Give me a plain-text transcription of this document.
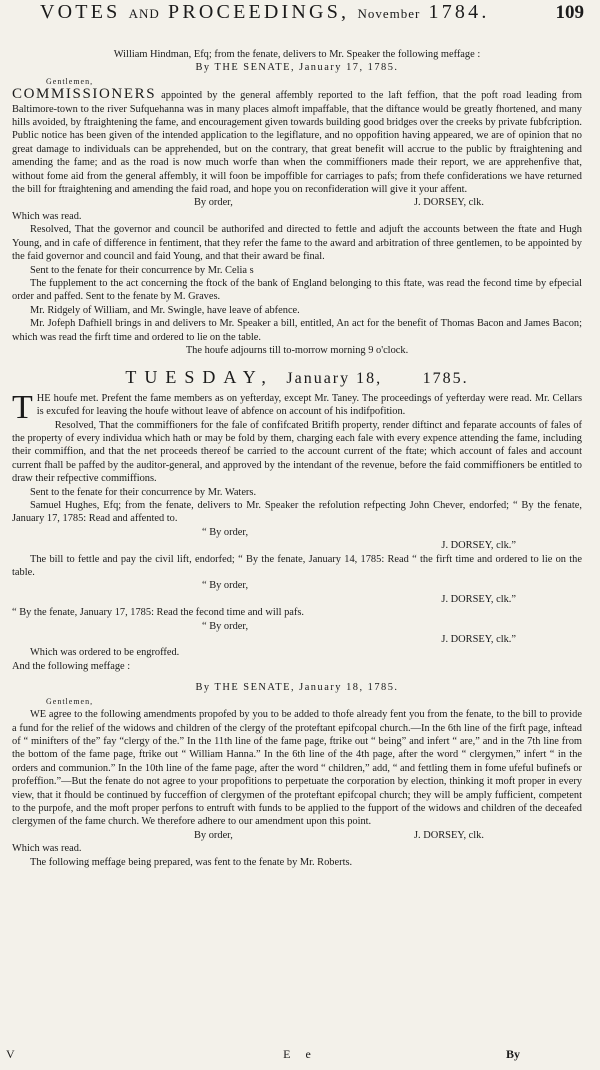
VOTES AND PROCEEDINGS, November 1784.	109

William Hindman, Efq; from the fenate, delivers to Mr. Speaker the following meffage :

By THE SENATE, January 17, 1785.

Gentlemen,

COMMISSIONERS appointed by the general affembly reported to the laft feffion, that the poft road leading from Baltimore-town to the river Sufquehanna was in many places almoft impaffable, that the diftance would be greatly fhortened, and many hills avoided, by ftraightening the fame, and encouragement given towards building good bridges over the creeks by private fubfcription. Public notice has been given of the intended application to the legiflature, and no oppofition having appeared, we are of opinion that no great damage to individuals can be apprehended, but on the contrary, that great benefit will accrue to the public by ftraightening and amending the fame; and as the road is now much worfe than when the commiffioners made their report, we are apprehenfive that, without fome aid from the general affembly, it will foon be impoffible for carriages to pafs; from thefe confiderations we have returned the bill for ftraightening and amending the faid road, and hope you on reconfideration will give it your affent.

By order,	J. DORSEY, clk.

Which was read.

Resolved, That the governor and council be authorifed and directed to fettle and adjuft the accounts between the ftate and Hugh Young, and in cafe of difference in fentiment, that they refer the fame to the award and arbitration of three gentlemen, to be appointed by the faid governor and council and faid Young, and that their award be final.

Sent to the fenate for their concurrence by Mr. Celia s

The fupplement to the act concerning the ftock of the bank of England belonging to this ftate, was read the fecond time by efpecial order and paffed. Sent to the fenate by M. Graves.

Mr. Ridgely of William, and Mr. Swingle, have leave of abfence.

Mr. Jofeph Dafhiell brings in and delivers to Mr. Speaker a bill, entitled, An act for the benefit of Thomas Bacon and James Bacon; which was read the firft time and ordered to lie on the table.

The houfe adjourns till to-morrow morning 9 o'clock.

TUESDAY, January 18,	1785.

THE houfe met. Prefent the fame members as on yefterday, except Mr. Taney. The proceedings of yefterday were read. Mr. Cellars is excufed for leaving the houfe without leave of abfence on account of his indifpofition.

Resolved, That the commiffioners for the fale of confifcated Britifh property, render diftinct and feparate accounts of fales of the property of every individua which hath or may be fold by them, charging each fale with every expence attending the fame, including their commiffion, and that the net proceeds thereof be carried to the account current of the ftate; which account of fales and account current fhall be paffed by the auditor-general, and approved by the intendant of the revenue, before the faid commiffioners be entitled to draw their refpective commiffions.

Sent to the fenate for their concurrence by Mr. Waters.

Samuel Hughes, Efq; from the fenate, delivers to Mr. Speaker the refolution refpecting John Chever, endorfed; “ By the fenate, January 17, 1785: Read and affented to.

“ By order,
J. DORSEY, clk.”

The bill to fettle and pay the civil lift, endorfed; “ By the fenate, January 14, 1785: Read “ the firft time and ordered to lie on the table.

“ By order,
J. DORSEY, clk.”

“ By the fenate, January 17, 1785: Read the fecond time and will pafs.

“ By order,
J. DORSEY, clk.”

Which was ordered to be engroffed.

And the following meffage :

By THE SENATE, January 18, 1785.

Gentlemen,

WE agree to the following amendments propofed by you to be added to thofe already fent you from the fenate, to the bill to provide a fund for the relief of the widows and children of the clergy of the proteftant epifcopal church.—In the 6th line of the firft page, inftead of “ minifters of the” fay “clergy of the.” In the 11th line of the fame page, ftrike out “ being” and infert “ are,” and in the 7th line from the bottom of the fame page, ftrike out “ William Hanna.” In the 6th line of the 4th page, after the word “ clergymen,” infert “ in the orders and communion.” In the 10th line of the fame page, after the word “ children,” add, “ and fettling them in fome ufeful bufinefs or profeffion.”—But the fenate do not agree to your propofitions to perpetuate the corporation by election, thinking it moft proper in every view, that it fhould be continued by fucceffion of clergymen of the proteftant epifcopal church; they will be amply fufficient, competent to the purpofe, and the moft proper perfons to entruft with funds to be applied to the fupport of the widows and children of the deceafed clergymen of the fame church. We therefore adhere to our amendment upon this point.

By order,	J. DORSEY, clk.

Which was read.

The following meffage being prepared, was fent to the fenate by Mr. Roberts.

V	E e	By
